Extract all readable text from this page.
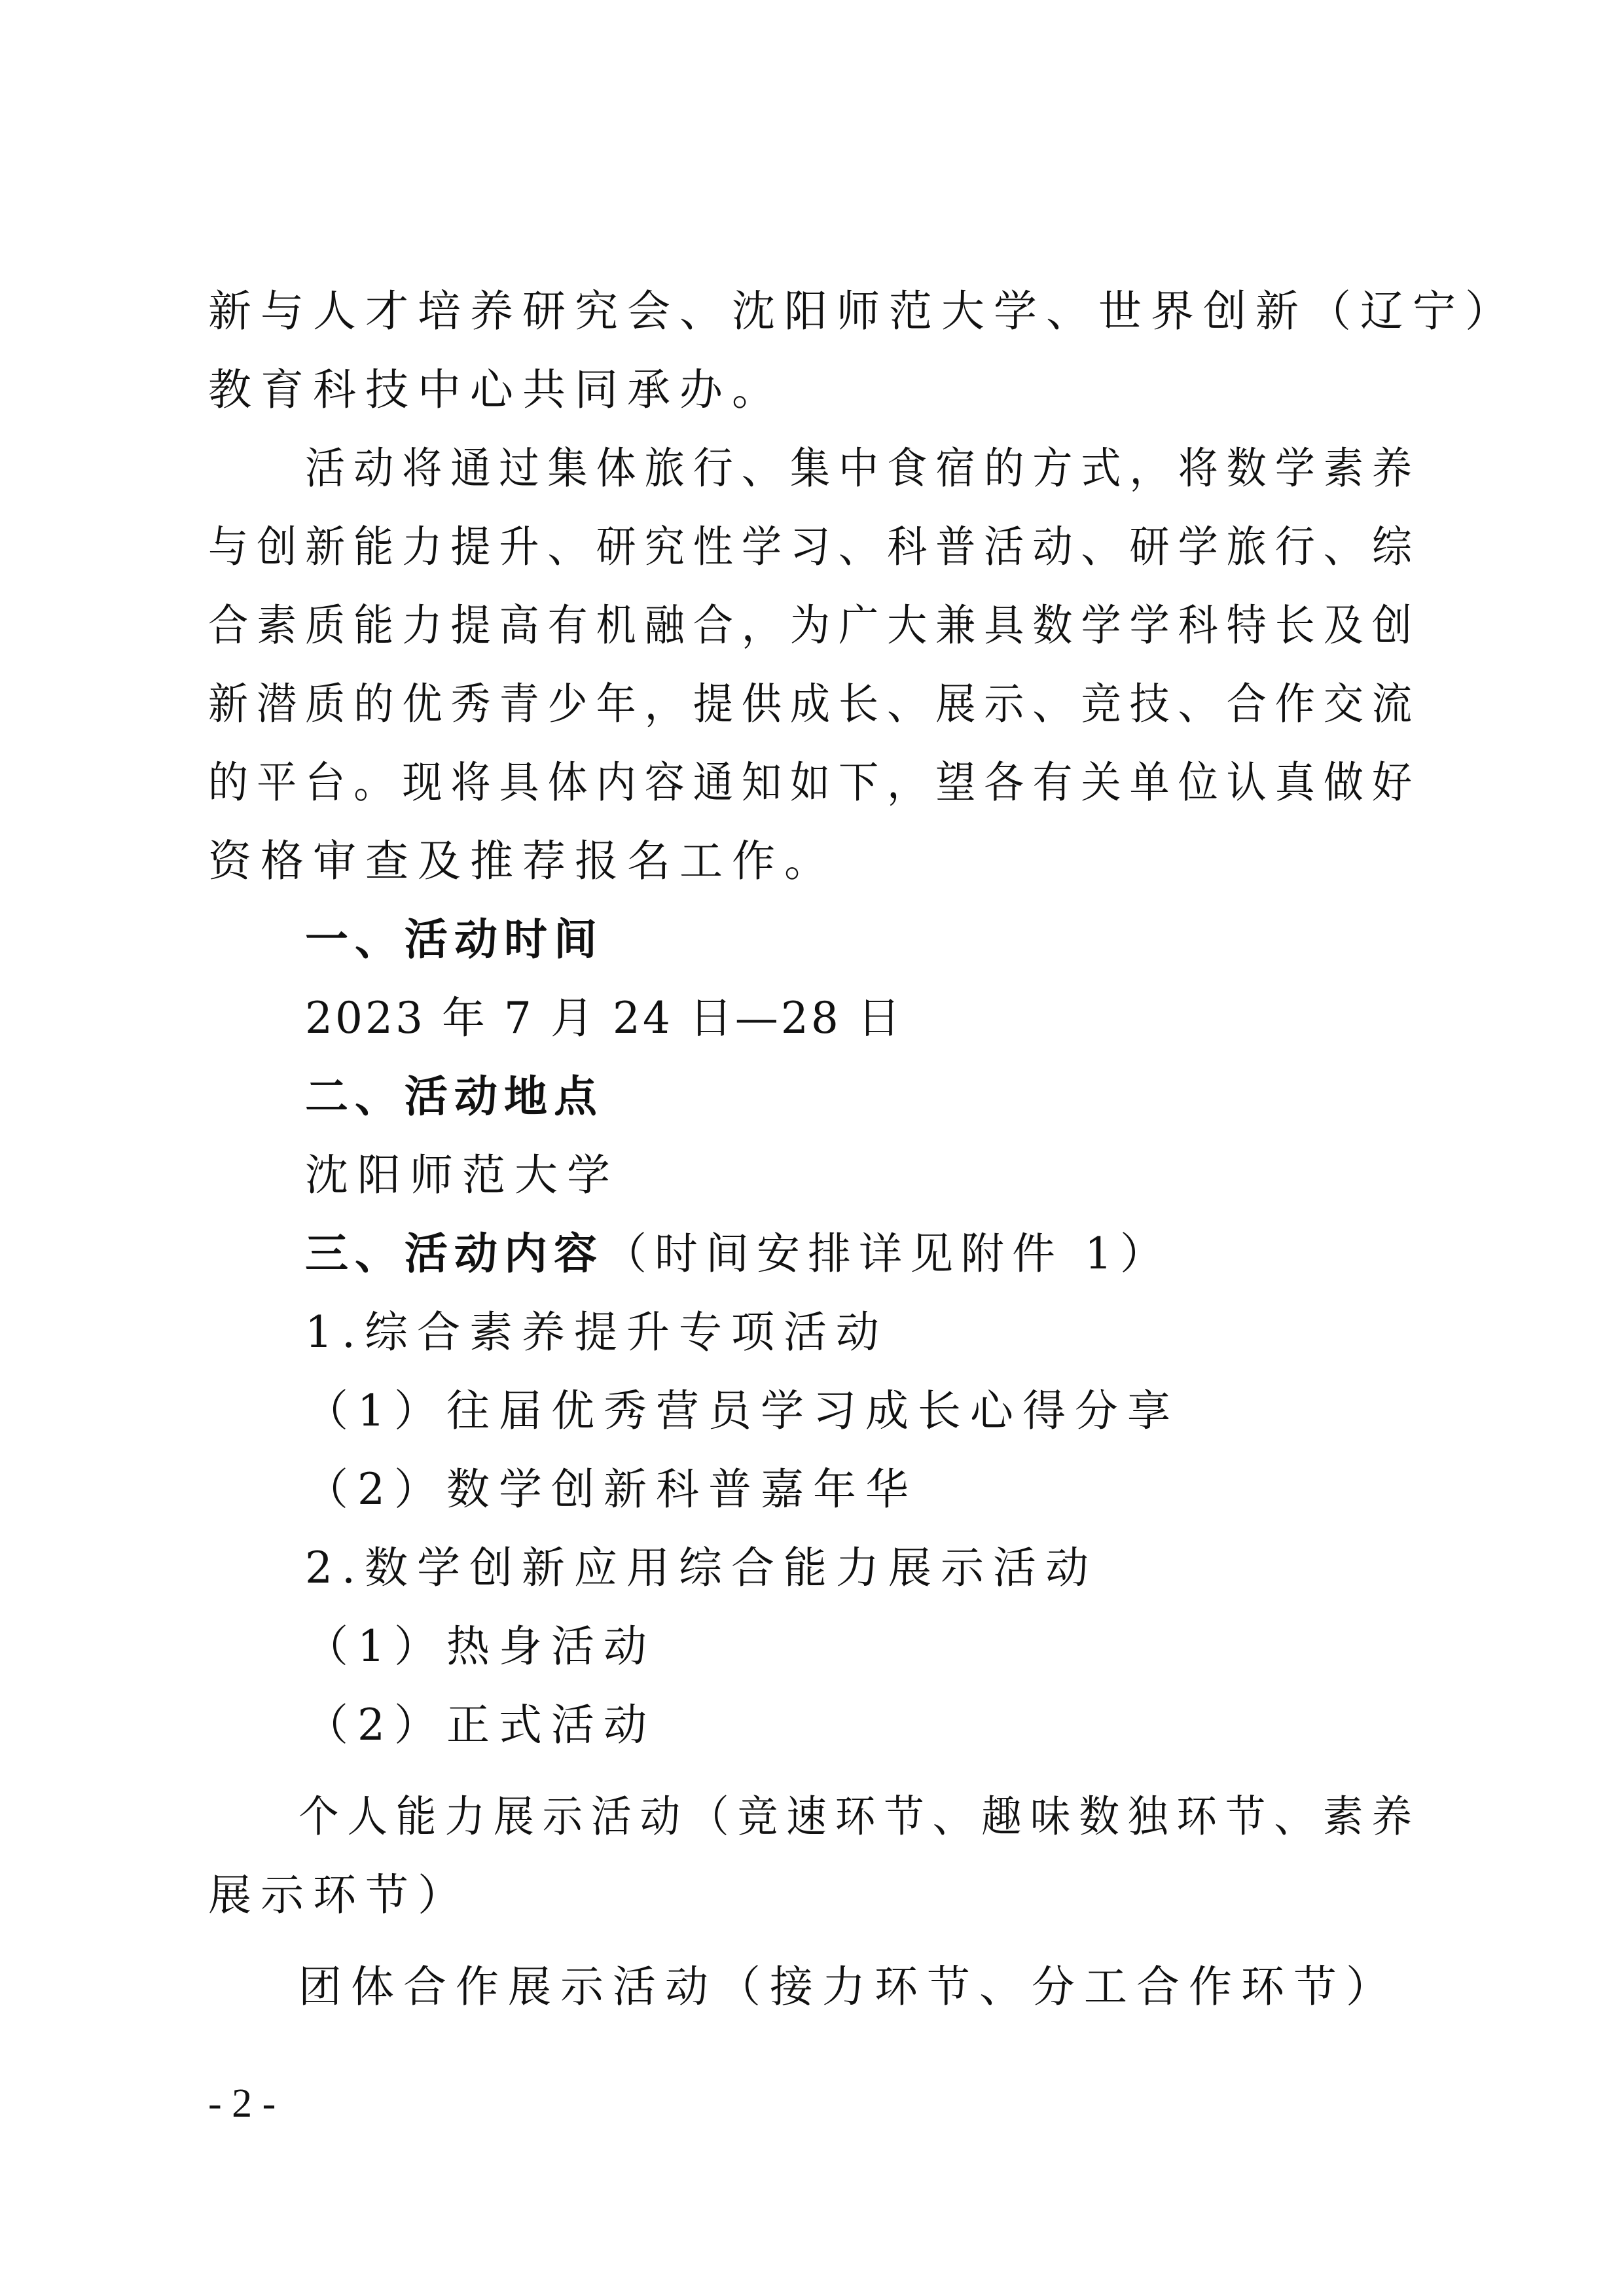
新与人才培养研究会、沈阳师范大学、世界创新（辽宁）

教育科技中心共同承办。

活动将通过集体旅行、集中食宿的方式，将数学素养

与创新能力提升、研究性学习、科普活动、研学旅行、综

合素质能力提高有机融合，为广大兼具数学学科特长及创

新潜质的优秀青少年，提供成长、展示、竞技、合作交流

的平台。现将具体内容通知如下，望各有关单位认真做好

资格审查及推荐报名工作。

一、活动时间

2023 年 7 月 24 日—28 日

二、活动地点

沈阳师范大学

三、活动内容（时间安排详见附件 1）

1.综合素养提升专项活动

（1）往届优秀营员学习成长心得分享

（2）数学创新科普嘉年华

2.数学创新应用综合能力展示活动

（1）热身活动

（2）正式活动

个人能力展示活动（竞速环节、趣味数独环节、素养

展示环节）

团体合作展示活动（接力环节、分工合作环节）

- 2 -
